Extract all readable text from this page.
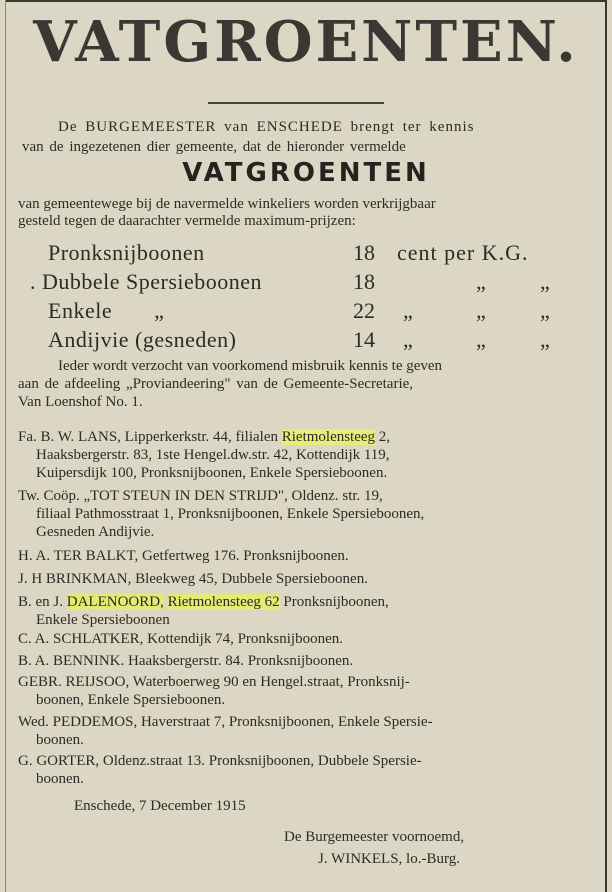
VATGROENTEN.
De BURGEMEESTER van ENSCHEDE brengt ter kennis
van de ingezetenen dier gemeente, dat de hieronder vermelde
VATGROENTEN
van gemeentewege bij de navermelde winkeliers worden verkrijgbaar
gesteld tegen de daarachter vermelde maximum-prijzen:
Pronksnijboonen	18 cent per K.G.
. Dubbele Spersieboonen	18	„ „
Enkele       „	22 „	„ „
Andijvie (gesneden)	14 „	„ „
Ieder wordt verzocht van voorkomend misbruik kennis te geven
aan de afdeeling „Proviandeering" van de Gemeente-Secretarie,
Van Loenshof No. 1.
Fa. B. W. LANS, Lipperkerkstr. 44, filialen Rietmolensteeg 2,
Haaksbergerstr. 83, 1ste Hengel.dw.str. 42, Kottendijk 119,
Kuipersdijk 100, Pronksnijboonen, Enkele Spersieboonen.
Tw. Coöp. „TOT STEUN IN DEN STRIJD", Oldenz. str. 19,
filiaal Pathmosstraat 1, Pronksnijboonen, Enkele Spersieboonen,
Gesneden Andijvie.
H. A. TER BALKT, Getfertweg 176. Pronksnijboonen.
J. H BRINKMAN, Bleekweg 45, Dubbele Spersieboonen.
B. en J. DALENOORD, Rietmolensteeg 62 Pronksnijboonen,
Enkele Spersieboonen
C. A. SCHLATKER, Kottendijk 74, Pronksnijboonen.
B. A. BENNINK. Haaksbergerstr. 84. Pronksnijboonen.
GEBR. REIJSOO, Waterboerweg 90 en Hengel.straat, Pronksnij-
boonen, Enkele Spersieboonen.
Wed. PEDDEMOS, Haverstraat 7, Pronksnijboonen, Enkele Spersie-
boonen.
G. GORTER, Oldenz.straat 13. Pronksnijboonen, Dubbele Spersie-
boonen.
Enschede, 7 December 1915
De Burgemeester voornoemd,
J. WINKELS, lo.-Burg.
